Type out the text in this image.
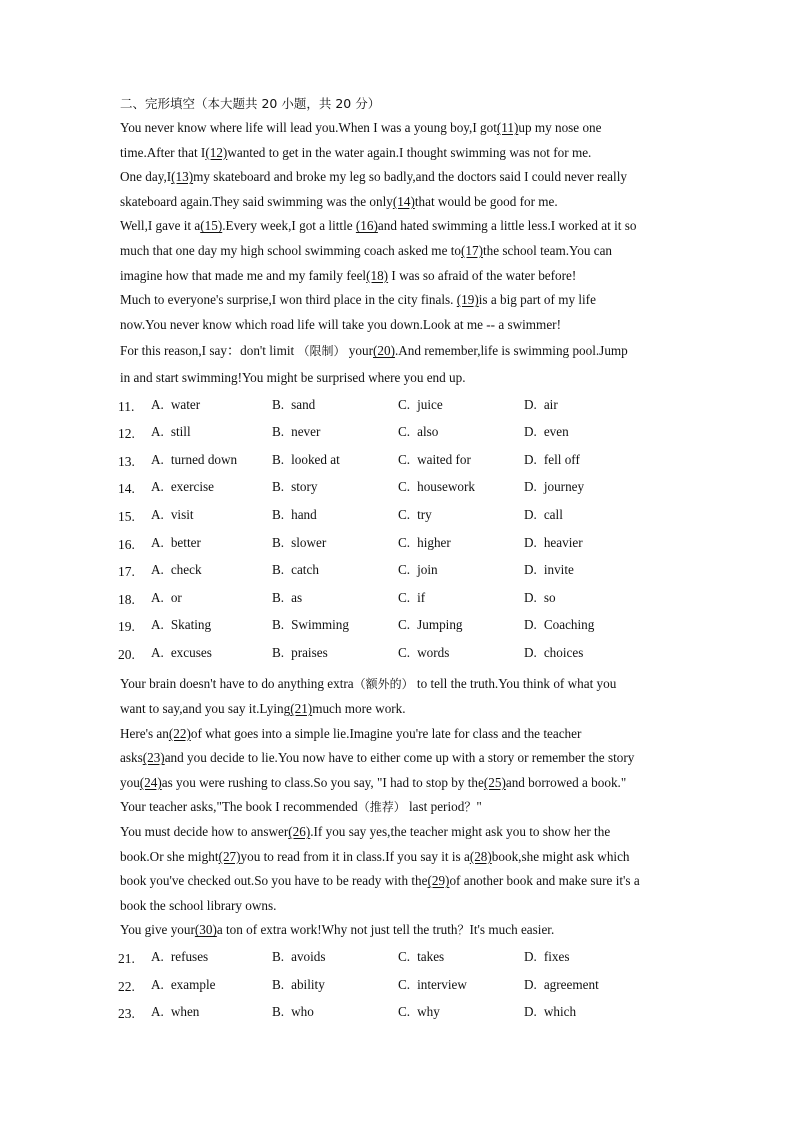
二、完形填空（本大题共 20 小题，共 20 分）
You never know where life will lead you.When I was a young boy,I got(11)up my nose one
time.After that I(12)wanted to get in the water again.I thought swimming was not for me.
One day,I(13)my skateboard and broke my leg so badly,and the doctors said I could never really
skateboard again.They said swimming was the only(14)that would be good for me.
Well,I gave it a(15).Every week,I got a little (16)and hated swimming a little less.I worked at it so
much that one day my high school swimming coach asked me to(17)the school team.You can
imagine how that made me and my family feel(18) I was so afraid of the water before!
Much to everyone's surprise,I won third place in the city finals. (19)is a big part of my life
now.You never know which road life will take you down.Look at me -- a swimmer!
For this reason,I say：don't limit （限制） your(20).And remember,life is swimming pool.Jump
in and start swimming!You might be surprised where you end up.
11. A. water	B. sand	C. juice	D. air
12. A. still	B. never	C. also	D. even
13. A. turned down	B. looked at	C. waited for	D. fell off
14. A. exercise	B. story	C. housework	D. journey
15. A. visit	B. hand	C. try	D. call
16. A. better	B. slower	C. higher	D. heavier
17. A. check	B. catch	C. join	D. invite
18. A. or	B. as	C. if	D. so
19. A. Skating	B. Swimming	C. Jumping	D. Coaching
20. A. excuses	B. praises	C. words	D. choices
Your brain doesn't have to do anything extra（额外的） to tell the truth.You think of what you
want to say,and you say it.Lying(21)much more work.
Here's an(22)of what goes into a simple lie.Imagine you're late for class and the teacher
asks(23)and you decide to lie.You now have to either come up with a story or remember the story
you(24)as you were rushing to class.So you say, "I had to stop by the(25)and borrowed a book."
Your teacher asks,"The book I recommended（推荐） last period？"
You must decide how to answer(26).If you say yes,the teacher might ask you to show her the
book.Or she might(27)you to read from it in class.If you say it is a(28)book,she might ask which
book you've checked out.So you have to be ready with the(29)of another book and make sure it's a
book the school library owns.
You give your(30)a ton of extra work!Why not just tell the truth？It's much easier.
21. A. refuses	B. avoids	C. takes	D. fixes
22. A. example	B. ability	C. interview	D. agreement
23. A. when	B. who	C. why	D. which
